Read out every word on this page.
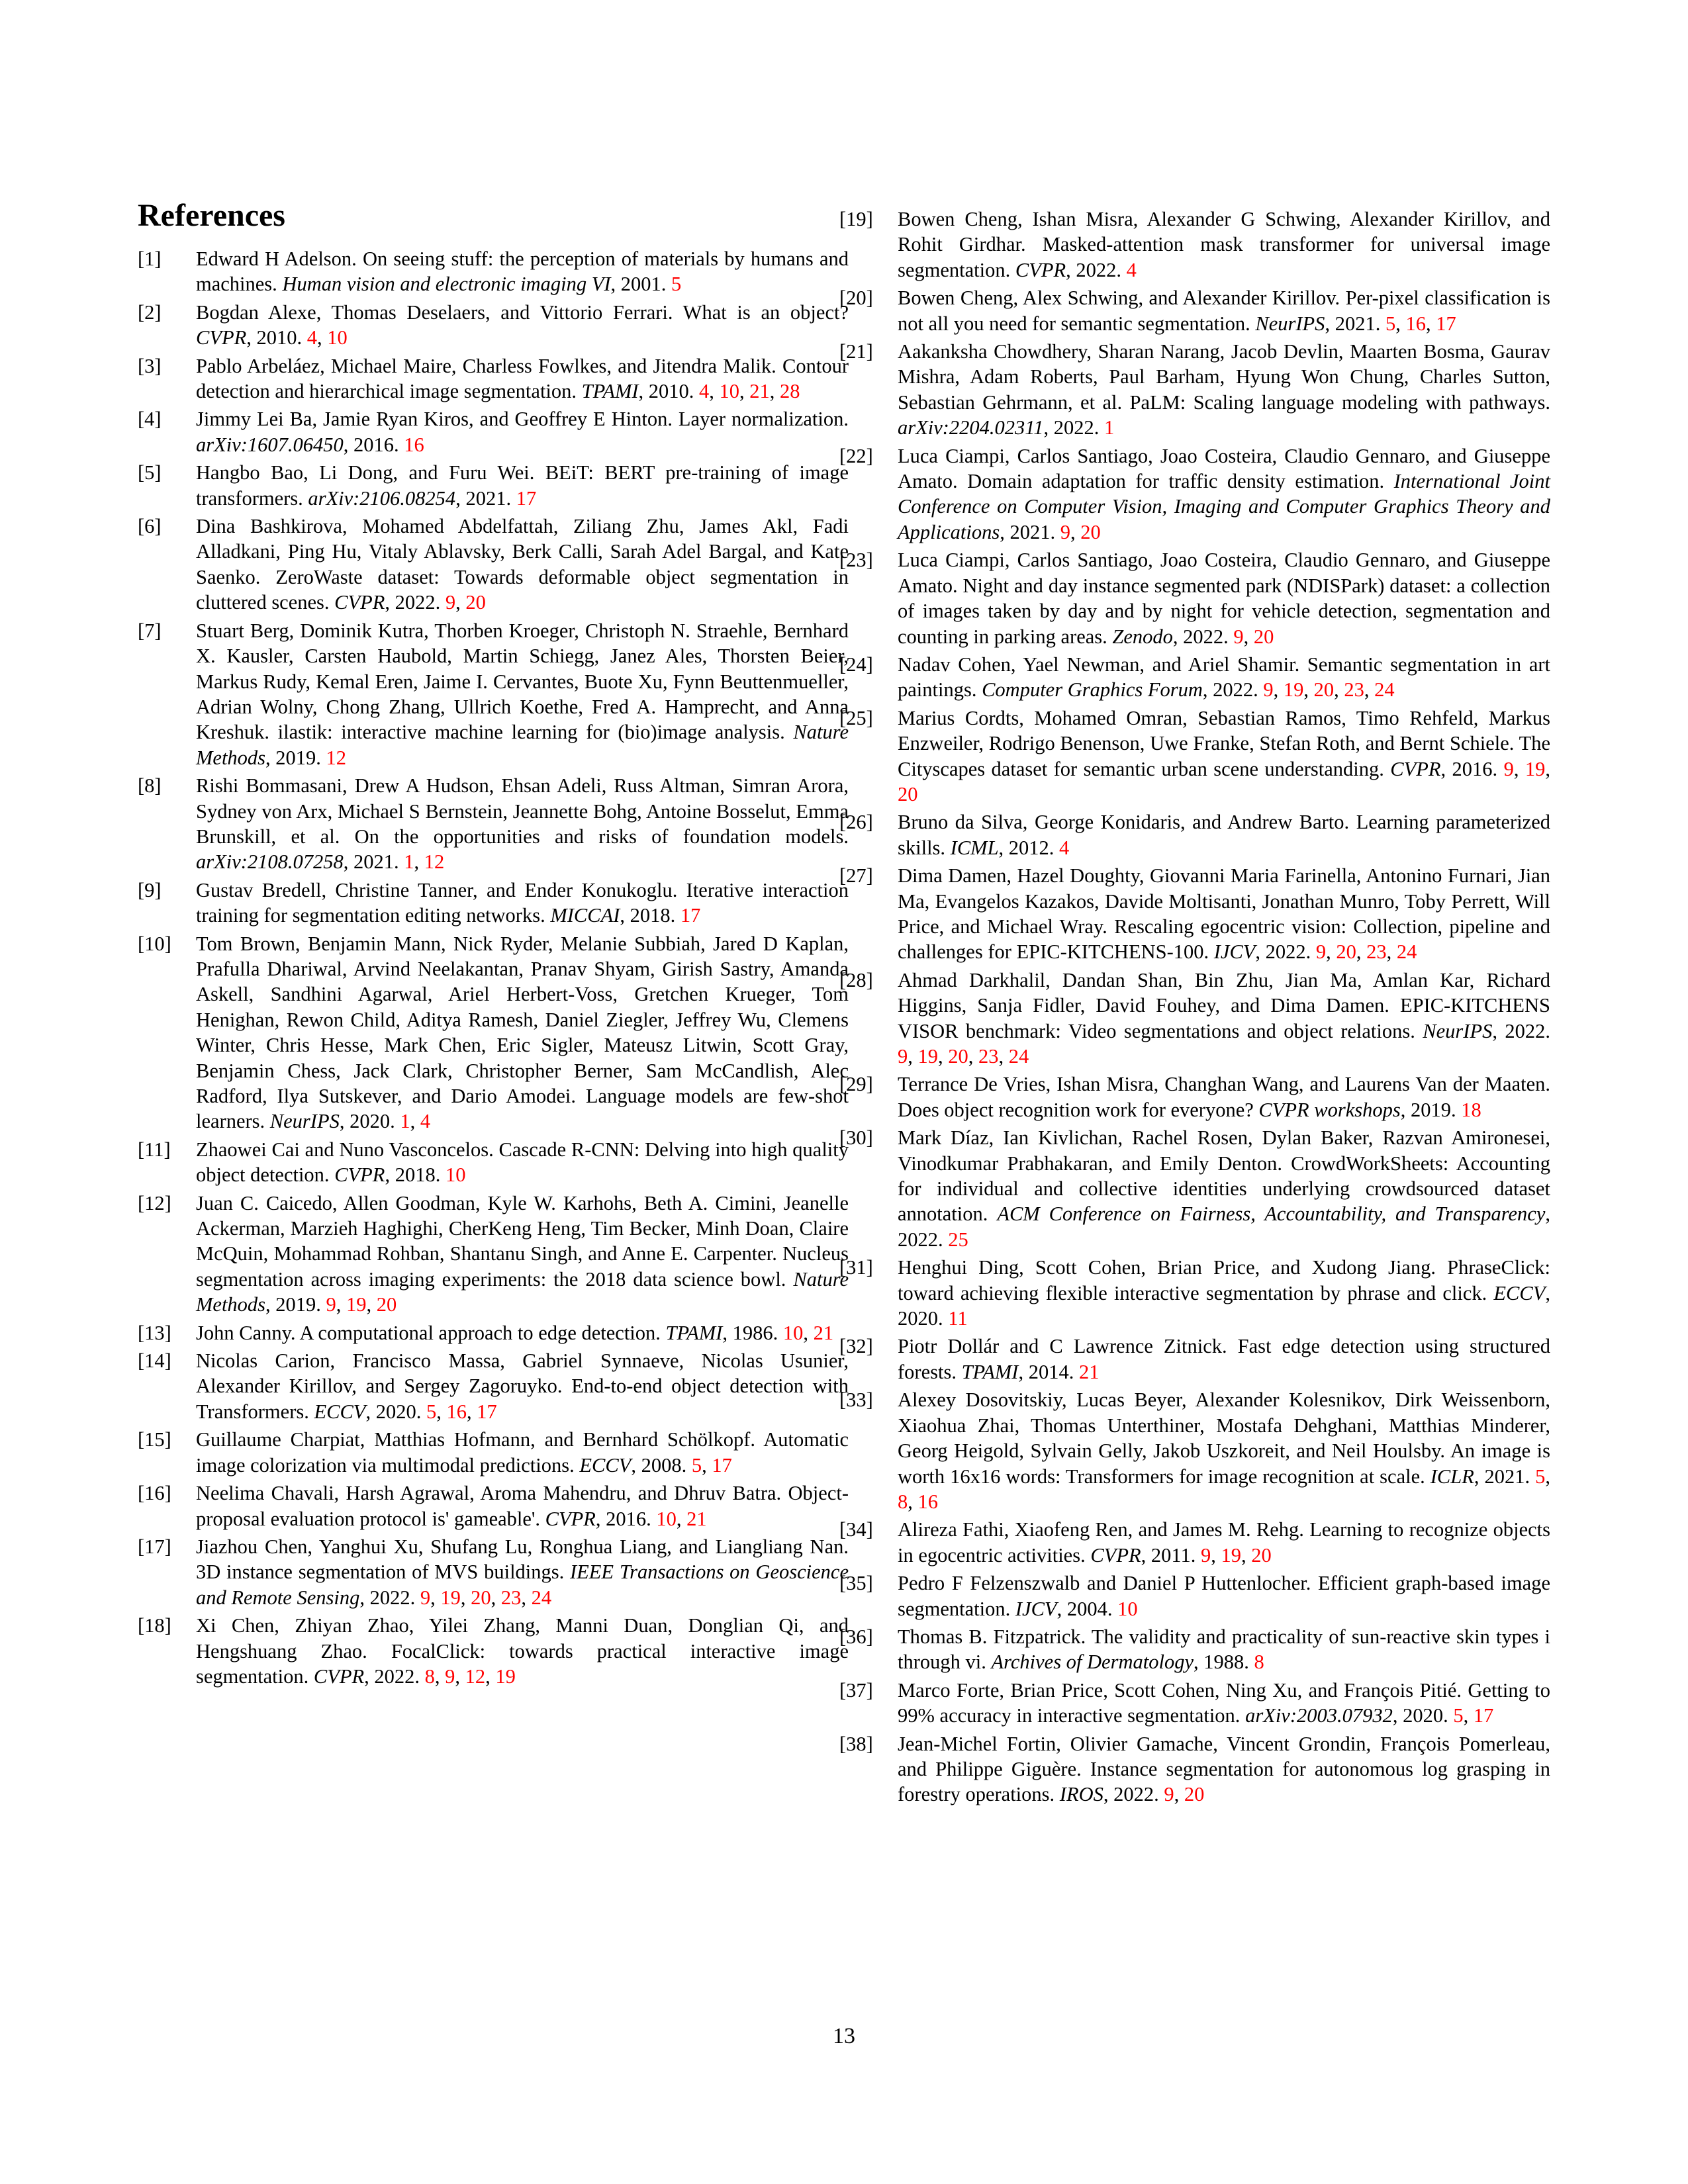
References
[1]	Edward H Adelson. On seeing stuff: the perception of materials by humans and machines. Human vision and electronic imaging VI, 2001. 5
[2]	Bogdan Alexe, Thomas Deselaers, and Vittorio Ferrari. What is an object? CVPR, 2010. 4, 10
[3]	Pablo Arbeláez, Michael Maire, Charless Fowlkes, and Jitendra Malik. Contour detection and hierarchical image segmentation. TPAMI, 2010. 4, 10, 21, 28
[4]	Jimmy Lei Ba, Jamie Ryan Kiros, and Geoffrey E Hinton. Layer normalization. arXiv:1607.06450, 2016. 16
[5]	Hangbo Bao, Li Dong, and Furu Wei. BEiT: BERT pre-training of image transformers. arXiv:2106.08254, 2021. 17
[6]	Dina Bashkirova, Mohamed Abdelfattah, Ziliang Zhu, James Akl, Fadi Alladkani, Ping Hu, Vitaly Ablavsky, Berk Calli, Sarah Adel Bargal, and Kate Saenko. ZeroWaste dataset: Towards deformable object segmentation in cluttered scenes. CVPR, 2022. 9, 20
[7]	Stuart Berg, Dominik Kutra, Thorben Kroeger, Christoph N. Straehle, Bernhard X. Kausler, Carsten Haubold, Martin Schiegg, Janez Ales, Thorsten Beier, Markus Rudy, Kemal Eren, Jaime I. Cervantes, Buote Xu, Fynn Beuttenmueller, Adrian Wolny, Chong Zhang, Ullrich Koethe, Fred A. Hamprecht, and Anna Kreshuk. ilastik: interactive machine learning for (bio)image analysis. Nature Methods, 2019. 12
[8]	Rishi Bommasani, Drew A Hudson, Ehsan Adeli, Russ Altman, Simran Arora, Sydney von Arx, Michael S Bernstein, Jeannette Bohg, Antoine Bosselut, Emma Brunskill, et al. On the opportunities and risks of foundation models. arXiv:2108.07258, 2021. 1, 12
[9]	Gustav Bredell, Christine Tanner, and Ender Konukoglu. Iterative interaction training for segmentation editing networks. MICCAI, 2018. 17
[10]	Tom Brown, Benjamin Mann, Nick Ryder, Melanie Subbiah, Jared D Kaplan, Prafulla Dhariwal, Arvind Neelakantan, Pranav Shyam, Girish Sastry, Amanda Askell, Sandhini Agarwal, Ariel Herbert-Voss, Gretchen Krueger, Tom Henighan, Rewon Child, Aditya Ramesh, Daniel Ziegler, Jeffrey Wu, Clemens Winter, Chris Hesse, Mark Chen, Eric Sigler, Mateusz Litwin, Scott Gray, Benjamin Chess, Jack Clark, Christopher Berner, Sam McCandlish, Alec Radford, Ilya Sutskever, and Dario Amodei. Language models are few-shot learners. NeurIPS, 2020. 1, 4
[11]	Zhaowei Cai and Nuno Vasconcelos. Cascade R-CNN: Delving into high quality object detection. CVPR, 2018. 10
[12]	Juan C. Caicedo, Allen Goodman, Kyle W. Karhohs, Beth A. Cimini, Jeanelle Ackerman, Marzieh Haghighi, CherKeng Heng, Tim Becker, Minh Doan, Claire McQuin, Mohammad Rohban, Shantanu Singh, and Anne E. Carpenter. Nucleus segmentation across imaging experiments: the 2018 data science bowl. Nature Methods, 2019. 9, 19, 20
[13]	John Canny. A computational approach to edge detection. TPAMI, 1986. 10, 21
[14]	Nicolas Carion, Francisco Massa, Gabriel Synnaeve, Nicolas Usunier, Alexander Kirillov, and Sergey Zagoruyko. End-to-end object detection with Transformers. ECCV, 2020. 5, 16, 17
[15]	Guillaume Charpiat, Matthias Hofmann, and Bernhard Schölkopf. Automatic image colorization via multimodal predictions. ECCV, 2008. 5, 17
[16]	Neelima Chavali, Harsh Agrawal, Aroma Mahendru, and Dhruv Batra. Object-proposal evaluation protocol is' gameable'. CVPR, 2016. 10, 21
[17]	Jiazhou Chen, Yanghui Xu, Shufang Lu, Ronghua Liang, and Liangliang Nan. 3D instance segmentation of MVS buildings. IEEE Transactions on Geoscience and Remote Sensing, 2022. 9, 19, 20, 23, 24
[18]	Xi Chen, Zhiyan Zhao, Yilei Zhang, Manni Duan, Donglian Qi, and Hengshuang Zhao. FocalClick: towards practical interactive image segmentation. CVPR, 2022. 8, 9, 12, 19
[19]	Bowen Cheng, Ishan Misra, Alexander G Schwing, Alexander Kirillov, and Rohit Girdhar. Masked-attention mask transformer for universal image segmentation. CVPR, 2022. 4
[20]	Bowen Cheng, Alex Schwing, and Alexander Kirillov. Per-pixel classification is not all you need for semantic segmentation. NeurIPS, 2021. 5, 16, 17
[21]	Aakanksha Chowdhery, Sharan Narang, Jacob Devlin, Maarten Bosma, Gaurav Mishra, Adam Roberts, Paul Barham, Hyung Won Chung, Charles Sutton, Sebastian Gehrmann, et al. PaLM: Scaling language modeling with pathways. arXiv:2204.02311, 2022. 1
[22]	Luca Ciampi, Carlos Santiago, Joao Costeira, Claudio Gennaro, and Giuseppe Amato. Domain adaptation for traffic density estimation. International Joint Conference on Computer Vision, Imaging and Computer Graphics Theory and Applications, 2021. 9, 20
[23]	Luca Ciampi, Carlos Santiago, Joao Costeira, Claudio Gennaro, and Giuseppe Amato. Night and day instance segmented park (NDISPark) dataset: a collection of images taken by day and by night for vehicle detection, segmentation and counting in parking areas. Zenodo, 2022. 9, 20
[24]	Nadav Cohen, Yael Newman, and Ariel Shamir. Semantic segmentation in art paintings. Computer Graphics Forum, 2022. 9, 19, 20, 23, 24
[25]	Marius Cordts, Mohamed Omran, Sebastian Ramos, Timo Rehfeld, Markus Enzweiler, Rodrigo Benenson, Uwe Franke, Stefan Roth, and Bernt Schiele. The Cityscapes dataset for semantic urban scene understanding. CVPR, 2016. 9, 19, 20
[26]	Bruno da Silva, George Konidaris, and Andrew Barto. Learning parameterized skills. ICML, 2012. 4
[27]	Dima Damen, Hazel Doughty, Giovanni Maria Farinella, Antonino Furnari, Jian Ma, Evangelos Kazakos, Davide Moltisanti, Jonathan Munro, Toby Perrett, Will Price, and Michael Wray. Rescaling egocentric vision: Collection, pipeline and challenges for EPIC-KITCHENS-100. IJCV, 2022. 9, 20, 23, 24
[28]	Ahmad Darkhalil, Dandan Shan, Bin Zhu, Jian Ma, Amlan Kar, Richard Higgins, Sanja Fidler, David Fouhey, and Dima Damen. EPIC-KITCHENS VISOR benchmark: Video segmentations and object relations. NeurIPS, 2022. 9, 19, 20, 23, 24
[29]	Terrance De Vries, Ishan Misra, Changhan Wang, and Laurens Van der Maaten. Does object recognition work for everyone? CVPR workshops, 2019. 18
[30]	Mark Díaz, Ian Kivlichan, Rachel Rosen, Dylan Baker, Razvan Amironesei, Vinodkumar Prabhakaran, and Emily Denton. CrowdWorkSheets: Accounting for individual and collective identities underlying crowdsourced dataset annotation. ACM Conference on Fairness, Accountability, and Transparency, 2022. 25
[31]	Henghui Ding, Scott Cohen, Brian Price, and Xudong Jiang. PhraseClick: toward achieving flexible interactive segmentation by phrase and click. ECCV, 2020. 11
[32]	Piotr Dollár and C Lawrence Zitnick. Fast edge detection using structured forests. TPAMI, 2014. 21
[33]	Alexey Dosovitskiy, Lucas Beyer, Alexander Kolesnikov, Dirk Weissenborn, Xiaohua Zhai, Thomas Unterthiner, Mostafa Dehghani, Matthias Minderer, Georg Heigold, Sylvain Gelly, Jakob Uszkoreit, and Neil Houlsby. An image is worth 16x16 words: Transformers for image recognition at scale. ICLR, 2021. 5, 8, 16
[34]	Alireza Fathi, Xiaofeng Ren, and James M. Rehg. Learning to recognize objects in egocentric activities. CVPR, 2011. 9, 19, 20
[35]	Pedro F Felzenszwalb and Daniel P Huttenlocher. Efficient graph-based image segmentation. IJCV, 2004. 10
[36]	Thomas B. Fitzpatrick. The validity and practicality of sun-reactive skin types i through vi. Archives of Dermatology, 1988. 8
[37]	Marco Forte, Brian Price, Scott Cohen, Ning Xu, and François Pitié. Getting to 99% accuracy in interactive segmentation. arXiv:2003.07932, 2020. 5, 17
[38]	Jean-Michel Fortin, Olivier Gamache, Vincent Grondin, François Pomerleau, and Philippe Giguère. Instance segmentation for autonomous log grasping in forestry operations. IROS, 2022. 9, 20
13
